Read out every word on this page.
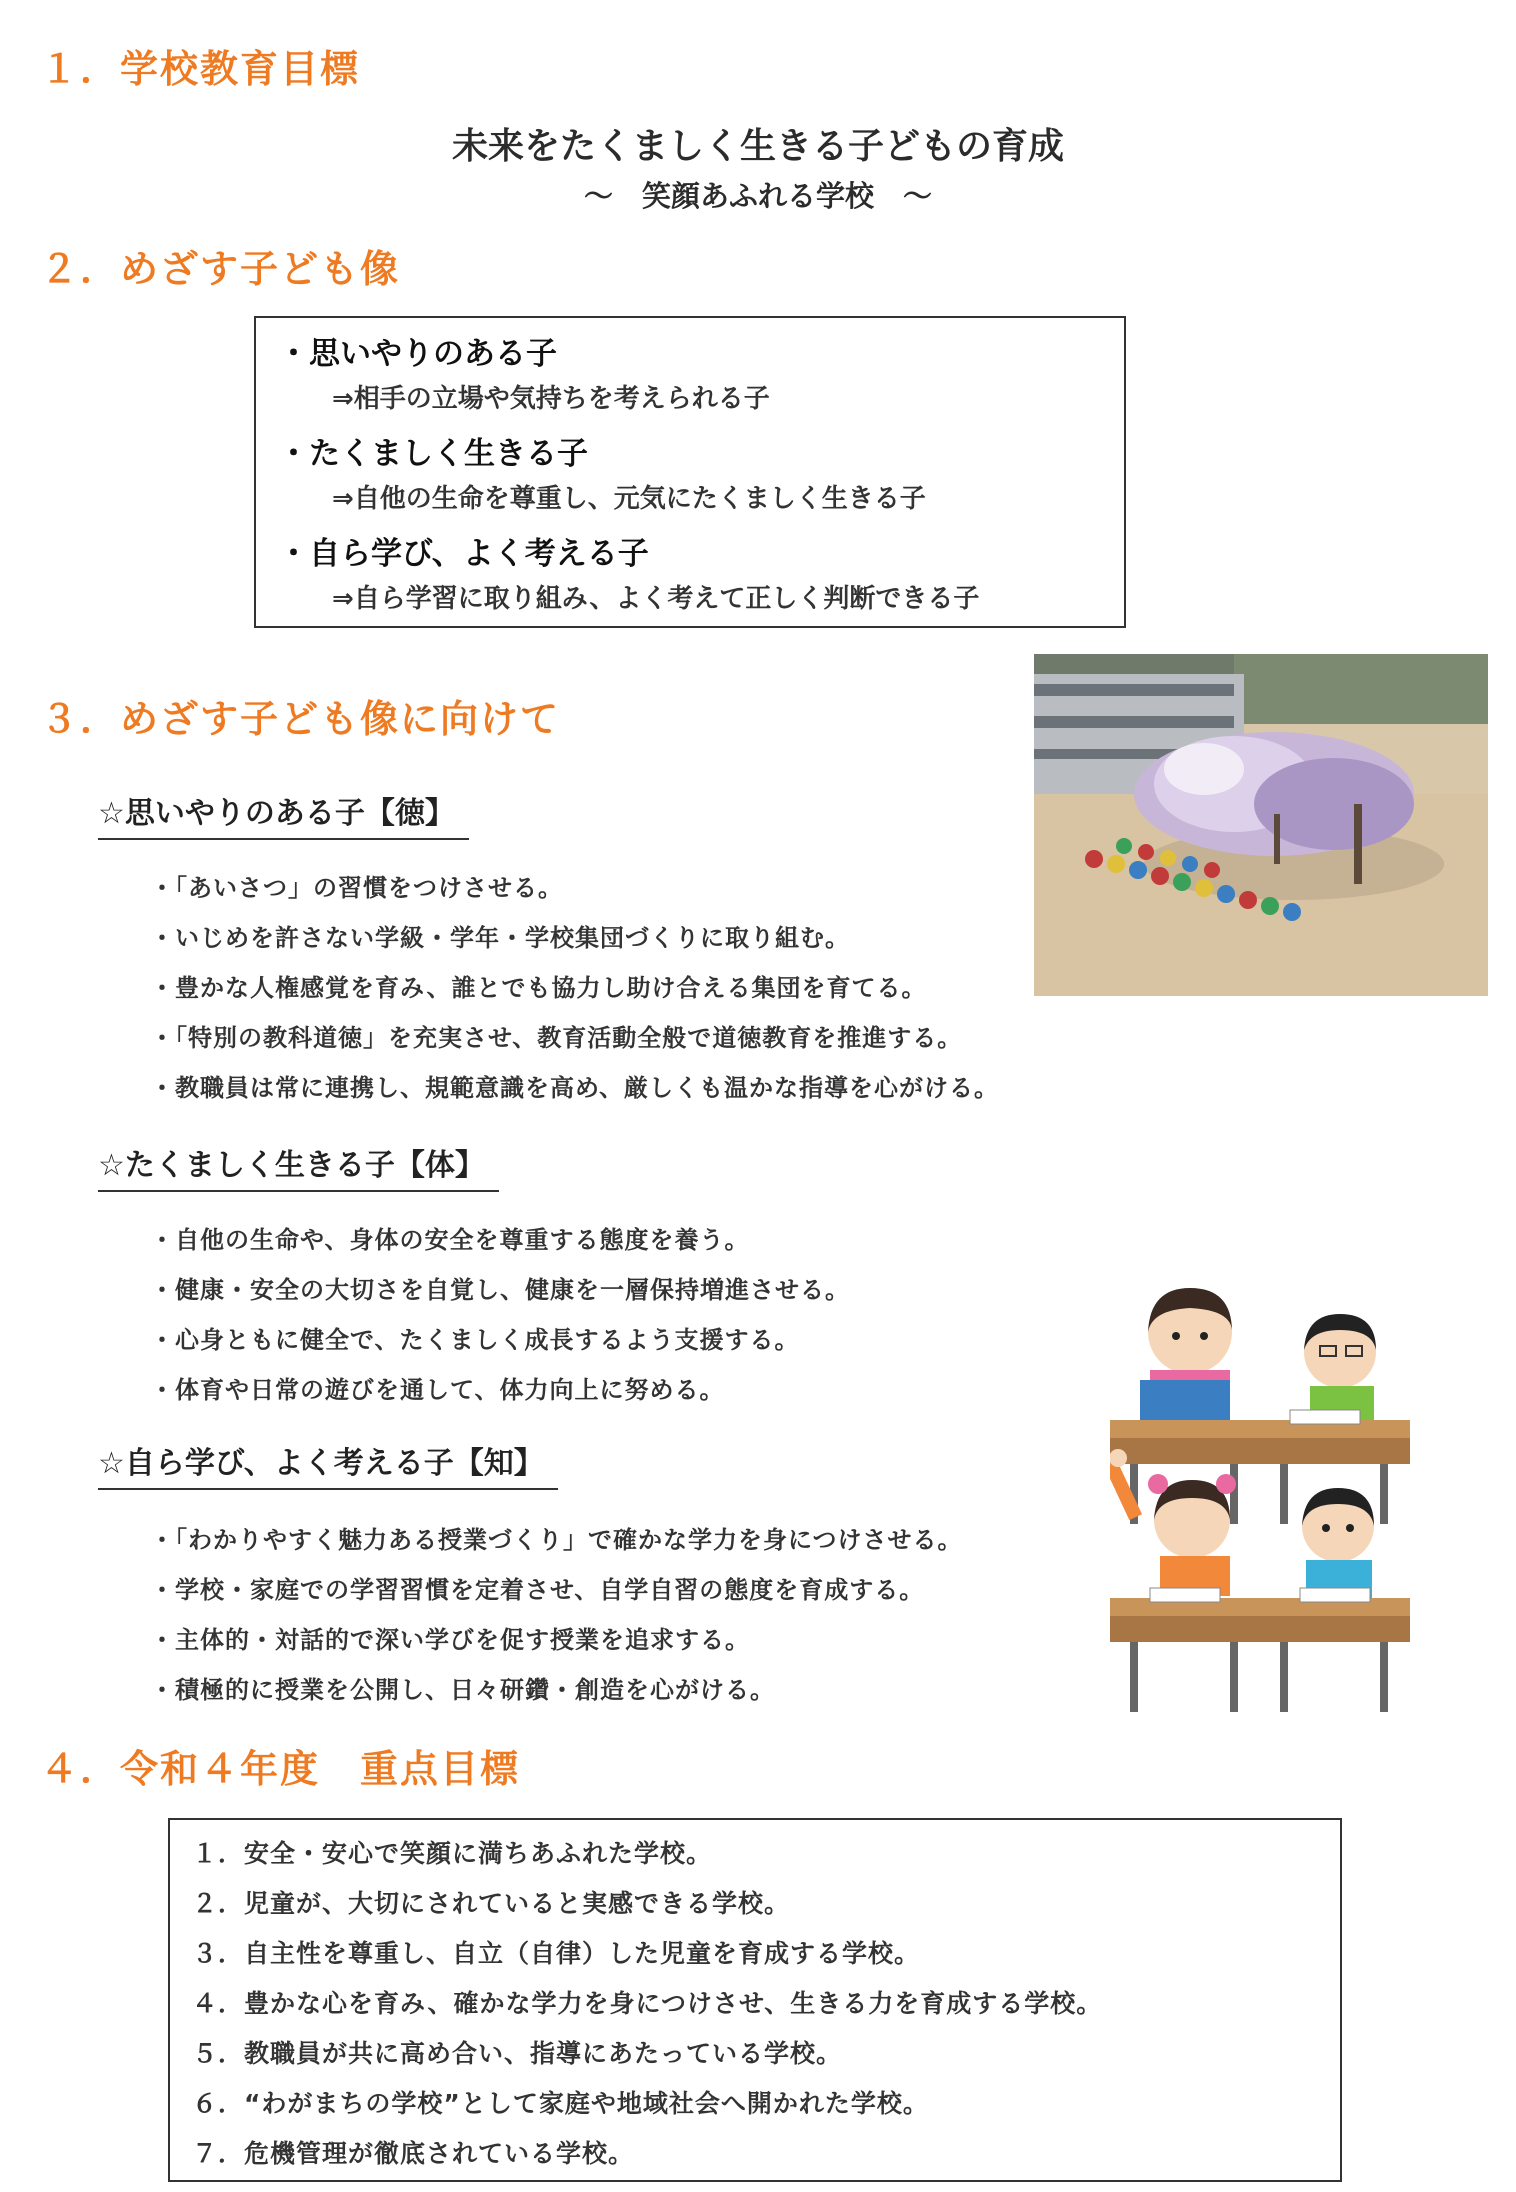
１．学校教育目標
未来をたくましく生きる子どもの育成
～　笑顔あふれる学校　～
２．めざす子ども像
・思いやりのある子
⇒相手の立場や気持ちを考えられる子
・たくましく生きる子
⇒自他の生命を尊重し、元気にたくましく生きる子
・自ら学び、よく考える子
⇒自ら学習に取り組み、よく考えて正しく判断できる子
３．めざす子ども像に向けて
☆思いやりのある子【徳】
・「あいさつ」の習慣をつけさせる。
・いじめを許さない学級・学年・学校集団づくりに取り組む。
・豊かな人権感覚を育み、誰とでも協力し助け合える集団を育てる。
・「特別の教科道徳」を充実させ、教育活動全般で道徳教育を推進する。
・教職員は常に連携し、規範意識を高め、厳しくも温かな指導を心がける。
☆たくましく生きる子【体】
・自他の生命や、身体の安全を尊重する態度を養う。
・健康・安全の大切さを自覚し、健康を一層保持増進させる。
・心身ともに健全で、たくましく成長するよう支援する。
・体育や日常の遊びを通して、体力向上に努める。
☆自ら学び、よく考える子【知】
・「わかりやすく魅力ある授業づくり」で確かな学力を身につけさせる。
・学校・家庭での学習習慣を定着させ、自学自習の態度を育成する。
・主体的・対話的で深い学びを促す授業を追求する。
・積極的に授業を公開し、日々研鑽・創造を心がける。
４．令和４年度　重点目標
１．安全・安心で笑顔に満ちあふれた学校。
２．児童が、大切にされていると実感できる学校。
３．自主性を尊重し、自立（自律）した児童を育成する学校。
４．豊かな心を育み、確かな学力を身につけさせ、生きる力を育成する学校。
５．教職員が共に高め合い、指導にあたっている学校。
６．“わがまちの学校”として家庭や地域社会へ開かれた学校。
７．危機管理が徹底されている学校。
